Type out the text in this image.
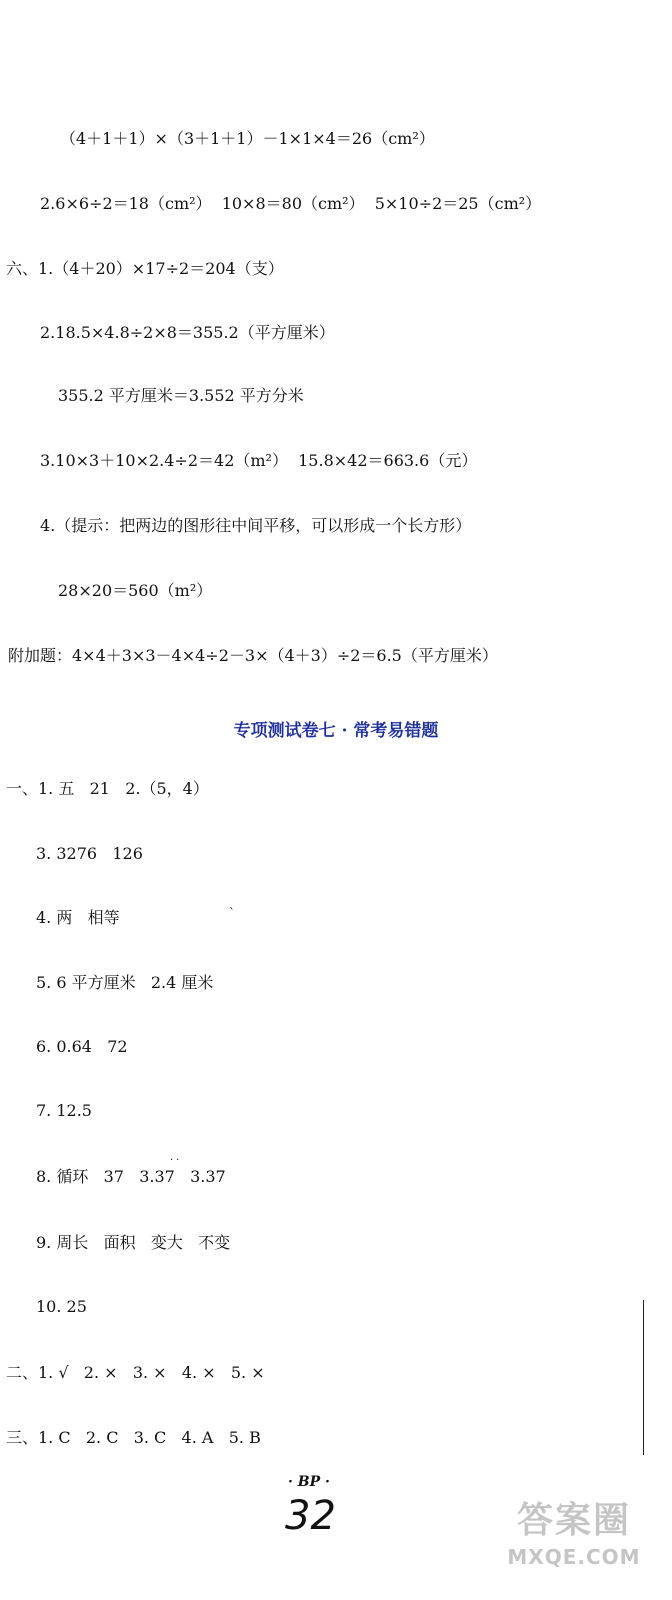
（4＋1＋1）×（3＋1＋1）－1×1×4＝26（cm²）
2.6×6÷2＝18（cm²）  10×8＝80（cm²）  5×10÷2＝25（cm²）
六、1.（4＋20）×17÷2＝204（支）
2.18.5×4.8÷2×8＝355.2（平方厘米）
355.2 平方厘米＝3.552 平方分米
3.10×3＋10×2.4÷2＝42（m²）  15.8×42＝663.6（元）
4.（提示：把两边的图形往中间平移，可以形成一个长方形）
28×20＝560（m²）
附加题：4×4＋3×3－4×4÷2－3×（4＋3）÷2＝6.5（平方厘米）
专项测试卷七 · 常考易错题
一、1. 五   21   2.（5，4）
3. 3276   126
4. 两   相等
5. 6 平方厘米   2.4 厘米
6. 0.64   72
7. 12.5
··
8. 循环   37   3.37   3.37
9. 周长   面积   变大   不变
10. 25
二、1. √   2. ×   3. ×   4. ×   5. ×
三、1. C   2. C   3. C   4. A   5. B
`
· BP ·
32	答案圈
MXQE.COM
